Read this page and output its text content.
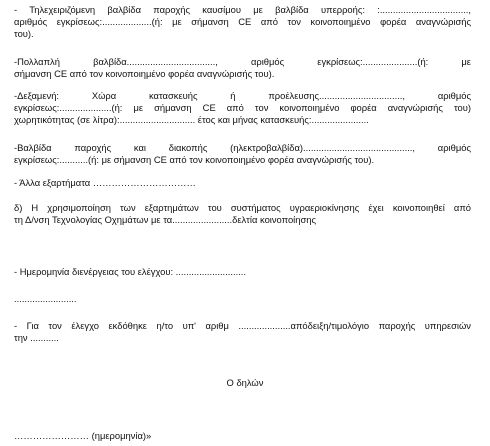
- Τηλεχειριζόμενη βαλβίδα παροχής καυσίμου με βαλβίδα υπερροής: :..................................,
αριθμός εγκρίσεως:...................(ή: με σήμανση CE από τον κοινοποιημένο φορέα αναγνώρισής
του).
-Πολλαπλή βαλβίδα.................................., αριθμός εγκρίσεως:.....................(ή: με
σήμανση CE από τον κοινοποιημένο φορέα αναγνώρισής του).
-Δεξαμενή: Χώρα κατασκευής ή προέλευσης................................, αριθμός
εγκρίσεως:....................(ή: με σήμανση CE από τον κοινοποιημένο φορέα αναγνώρισής του)
χωρητικότητας (σε λίτρα):............................. έτος και μήνας κατασκευής:......................
-Βαλβίδα παροχής και διακοπής (ηλεκτροβαλβίδα).........................................., αριθμός
εγκρίσεως:...........(ή: με σήμανση CE από τον κοινοποιημένο φορέα αναγνώρισής του).
- Άλλα εξαρτήματα ……………………………
δ) Η χρησιμοποίηση των εξαρτημάτων του συστήματος υγραεριοκίνησης έχει κοινοποιηθεί από
τη Δ/νση Τεχνολογίας Οχημάτων με τα.......................δελτία κοινοποίησης
- Ημερομηνία διενέργειας του ελέγχου: ...........................
........................
- Για τον έλεγχο εκδόθηκε η/το υπ' αριθμ ....................απόδειξη/τιμολόγιο παροχής υπηρεσιών
την ...........
Ο δηλών
…………………… (ημερομηνία)»
